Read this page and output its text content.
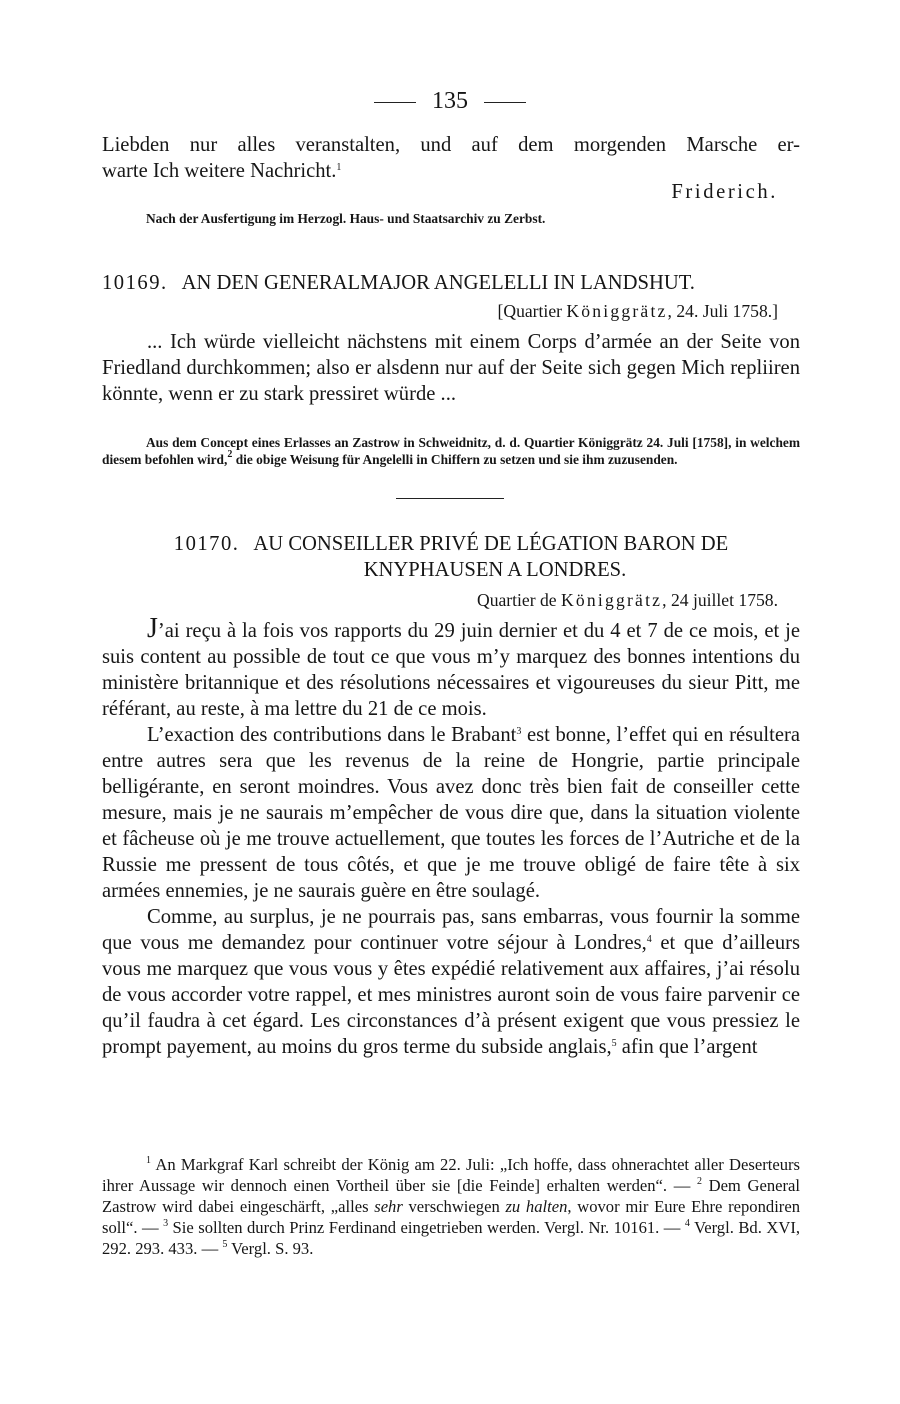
135

Liebden nur alles veranstalten, und auf dem morgenden Marsche er-

warte Ich weitere Nachricht.$^1$

Friderich.
Nach der Ausfertigung im Herzogl. Haus- und Staatsarchiv zu Zerbst.
10169. AN DEN GENERALMAJOR ANGELELLI IN LANDSHUT.
[Quartier Königgrätz, 24. Juli 1758.]
... Ich würde vielleicht nächstens mit einem Corps d’armée an der Seite von Friedland durchkommen; also er alsdenn nur auf der Seite sich gegen Mich repliiren könnte, wenn er zu stark pressiret würde ...
Aus dem Concept eines Erlasses an Zastrow in Schweidnitz, d. d. Quartier Königgrätz 24. Juli [1758], in welchem diesem befohlen wird,$^2$ die obige Weisung für Angelelli in Chiffern zu setzen und sie ihm zuzusenden.
10170. AU CONSEILLER PRIVÉ DE LÉGATION BARON DE
KNYPHAUSEN A LONDRES.
Quartier de Königgrätz, 24 juillet 1758.

J’ai reçu à la fois vos rapports du 29 juin dernier et du 4 et 7 de ce mois, et je suis content au possible de tout ce que vous m’y marquez des bonnes intentions du ministère britannique et des résolutions nécessaires et vigoureuses du sieur Pitt, me référant, au reste, à ma lettre du 21 de ce mois.

L’exaction des contributions dans le Brabant$^3$ est bonne, l’effet qui en résultera entre autres sera que les revenus de la reine de Hongrie, partie principale belligérante, en seront moindres. Vous avez donc très bien fait de conseiller cette mesure, mais je ne saurais m’empêcher de vous dire que, dans la situation violente et fâcheuse où je me trouve actuellement, que toutes les forces de l’Autriche et de la Russie me pressent de tous côtés, et que je me trouve obligé de faire tête à six armées ennemies, je ne saurais guère en être soulagé.

Comme, au surplus, je ne pourrais pas, sans embarras, vous fournir la somme que vous me demandez pour continuer votre séjour à Londres,$^4$ et que d’ailleurs vous me marquez que vous vous y êtes expédié relativement aux affaires, j’ai résolu de vous accorder votre rappel, et mes ministres auront soin de vous faire parvenir ce qu’il faudra à cet égard. Les circonstances d’à présent exigent que vous pressiez le prompt payement, au moins du gros terme du subside anglais,$^5$ afin que l’argent

$^1$ An Markgraf Karl schreibt der König am 22. Juli: „Ich hoffe, dass ohnerachtet aller Deserteurs ihrer Aussage wir dennoch einen Vortheil über sie [die Feinde] erhalten werden“. — $^2$ Dem General Zastrow wird dabei eingeschärft, „alles sehr verschwiegen zu halten, wovor mir Eure Ehre repondiren soll“. — $^3$ Sie sollten durch Prinz Ferdinand eingetrieben werden. Vergl. Nr. 10161. — $^4$ Vergl. Bd. XVI, 292. 293. 433. — $^5$ Vergl. S. 93.
